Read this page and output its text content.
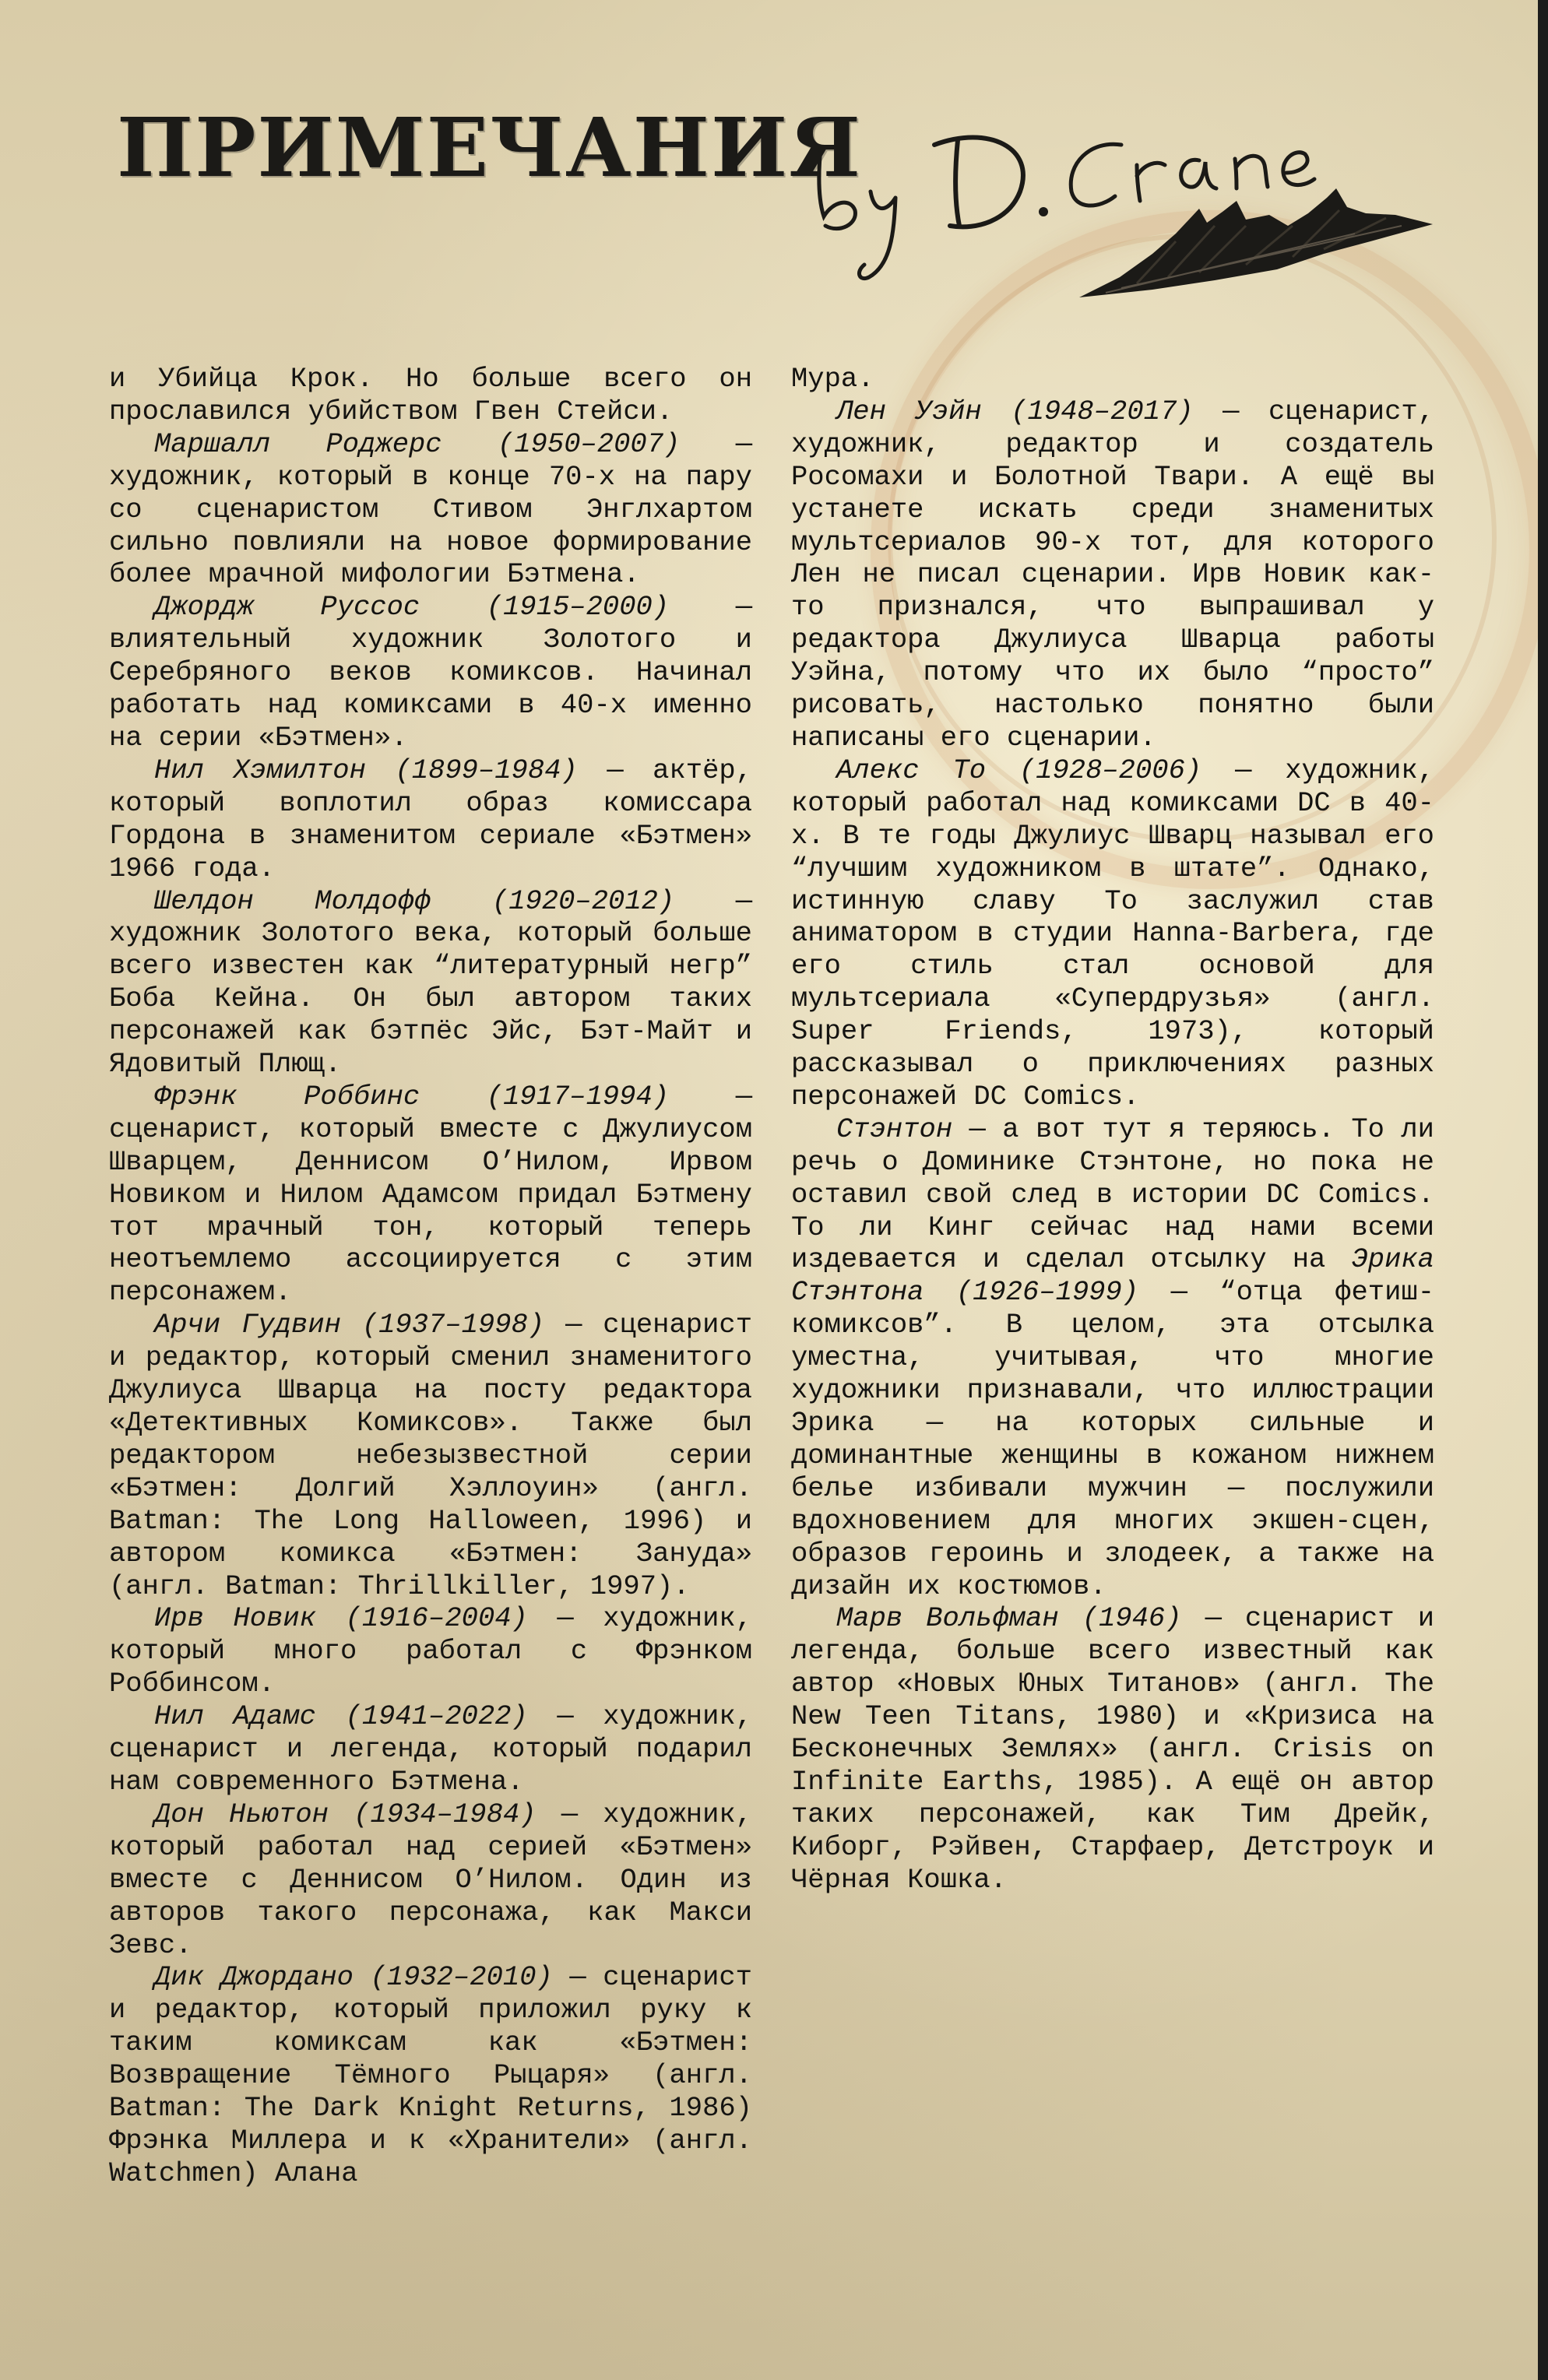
ПРИМЕЧАНИЯ

и Убийца Крок. Но больше всего он прославился убийством Гвен Стейси.

Маршалл Роджерс (1950–2007) — художник, который в конце 70-х на пару со сценаристом Стивом Энглхартом сильно повлияли на новое формирование более мрачной мифологии Бэтмена.

Джордж Руссос (1915–2000) — влиятельный художник Золотого и Серебряного веков комиксов. Начинал работать над комиксами в 40-х именно на серии «Бэтмен».

Нил Хэмилтон (1899–1984) — актёр, который воплотил образ комиссара Гордона в знаменитом сериале «Бэтмен» 1966 года.

Шелдон Молдофф (1920–2012) — художник Золотого века, который больше всего известен как “литературный негр” Боба Кейна. Он был автором таких персонажей как бэтпёс Эйс, Бэт-Майт и Ядовитый Плющ.

Фрэнк Роббинс (1917–1994) — сценарист, который вместе с Джулиусом Шварцем, Деннисом О’Нилом, Ирвом Новиком и Нилом Адамсом придал Бэтмену тот мрачный тон, который теперь неотъемлемо ассоциируется с этим персонажем.

Арчи Гудвин (1937–1998) — сценарист и редактор, который сменил знаменитого Джулиуса Шварца на посту редактора «Детективных Комиксов». Также был редактором небезызвестной серии «Бэтмен: Долгий Хэллоуин» (англ. Batman: The Long Halloween, 1996) и автором комикса «Бэтмен: Зануда» (англ. Batman: Thrillkiller, 1997).

Ирв Новик (1916–2004) — художник, который много работал с Фрэнком Роббинсом.

Нил Адамс (1941–2022) — художник, сценарист и легенда, который подарил нам современного Бэтмена.

Дон Ньютон (1934–1984) — художник, который работал над серией «Бэтмен» вместе с Деннисом О’Нилом. Один из авторов такого персонажа, как Макси Зевс.

Дик Джордано (1932–2010) — сценарист и редактор, который приложил руку к таким комиксам как «Бэтмен: Возвращение Тёмного Рыцаря» (англ. Batman: The Dark Knight Returns, 1986) Фрэнка Миллера и к «Хранители» (англ. Watchmen) Алана

Мура.

Лен Уэйн (1948–2017) — сценарист, художник, редактор и создатель Росомахи и Болотной Твари. А ещё вы устанете искать среди знаменитых мультсериалов 90-х тот, для которого Лен не писал сценарии. Ирв Новик как-то признался, что выпрашивал у редактора Джулиуса Шварца работы Уэйна, потому что их было “просто” рисовать, настолько понятно были написаны его сценарии.

Алекс То (1928–2006) — художник, который работал над комиксами DC в 40-х. В те годы Джулиус Шварц называл его “лучшим художником в штате”. Однако, истинную славу То заслужил став аниматором в студии Hanna-Barbera, где его стиль стал основой для мультсериала «Супердрузья» (англ. Super Friends, 1973), который рассказывал о приключениях разных персонажей DC Comics.

Стэнтон — а вот тут я теряюсь. То ли речь о Доминике Стэнтоне, но пока не оставил свой след в истории DC Comics. То ли Кинг сейчас над нами всеми издевается и сделал отсылку на Эрика Стэнтона (1926–1999) — “отца фетиш-комиксов”. В целом, эта отсылка уместна, учитывая, что многие художники признавали, что иллюстрации Эрика — на которых сильные и доминантные женщины в кожаном нижнем белье избивали мужчин — послужили вдохновением для многих экшен-сцен, образов героинь и злодеек, а также на дизайн их костюмов.

Марв Вольфман (1946) — сценарист и легенда, больше всего известный как автор «Новых Юных Титанов» (англ. The New Teen Titans, 1980) и «Кризиса на Бесконечных Землях» (англ. Crisis on Infinite Earths, 1985). А ещё он автор таких персонажей, как Тим Дрейк, Киборг, Рэйвен, Старфаер, Детстроук и Чёрная Кошка.
